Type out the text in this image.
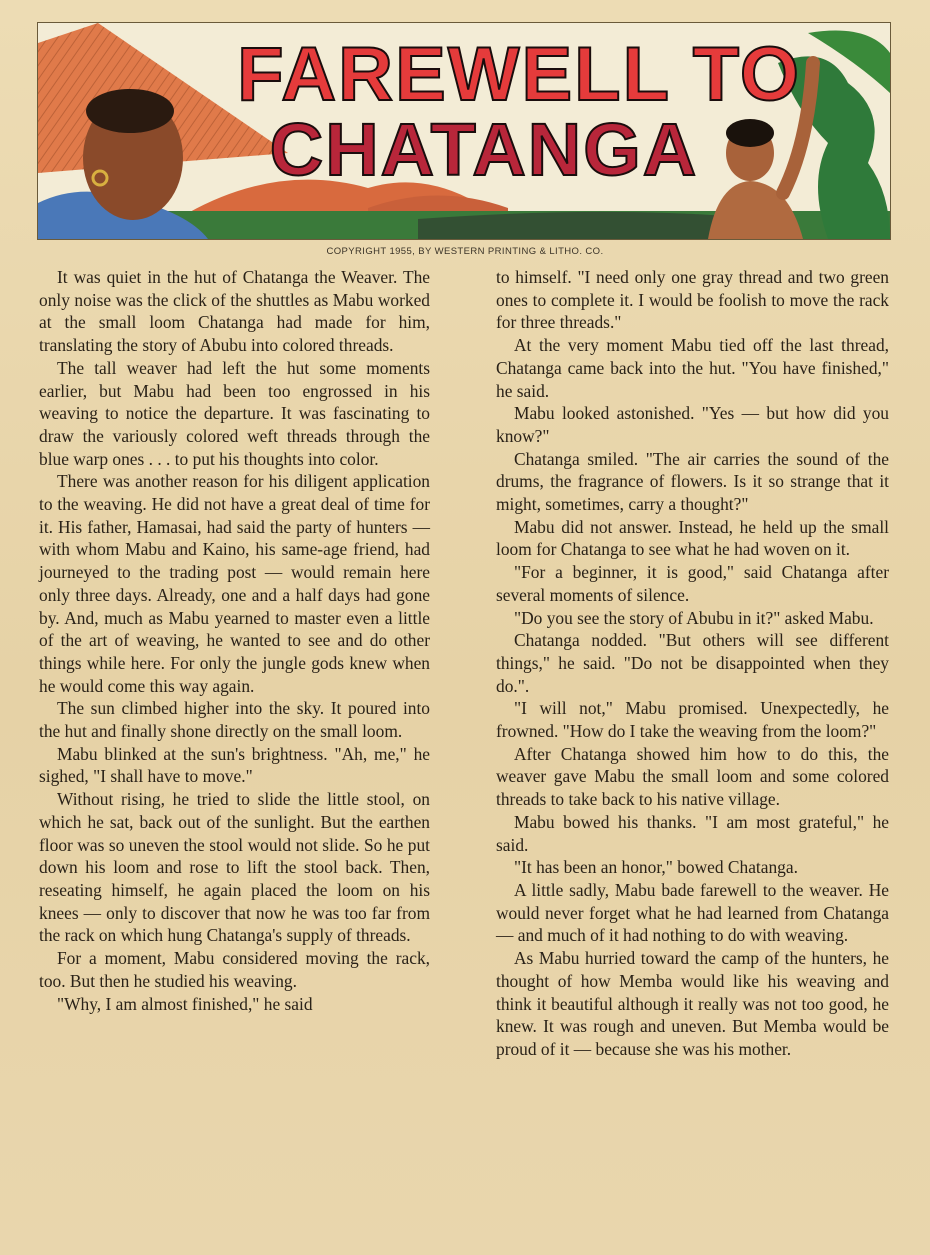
FAREWELL TO
CHATANGA
COPYRIGHT 1955, BY WESTERN PRINTING & LITHO. CO.

It was quiet in the hut of Chatanga the Weaver. The only noise was the click of the shuttles as Mabu worked at the small loom Chatanga had made for him, translating the story of Abubu into colored threads.

The tall weaver had left the hut some moments earlier, but Mabu had been too engrossed in his weaving to notice the departure. It was fascinating to draw the variously colored weft threads through the blue warp ones . . . to put his thoughts into color.

There was another reason for his diligent application to the weaving. He did not have a great deal of time for it. His father, Hamasai, had said the party of hunters — with whom Mabu and Kaino, his same-age friend, had journeyed to the trading post — would remain here only three days. Already, one and a half days had gone by. And, much as Mabu yearned to master even a little of the art of weaving, he wanted to see and do other things while here. For only the jungle gods knew when he would come this way again.

The sun climbed higher into the sky. It poured into the hut and finally shone directly on the small loom.

Mabu blinked at the sun's brightness. "Ah, me," he sighed, "I shall have to move."

Without rising, he tried to slide the little stool, on which he sat, back out of the sunlight. But the earthen floor was so uneven the stool would not slide. So he put down his loom and rose to lift the stool back. Then, reseating himself, he again placed the loom on his knees — only to discover that now he was too far from the rack on which hung Chatanga's supply of threads.

For a moment, Mabu considered moving the rack, too. But then he studied his weaving.

"Why, I am almost finished," he said

to himself. "I need only one gray thread and two green ones to complete it. I would be foolish to move the rack for three threads."

At the very moment Mabu tied off the last thread, Chatanga came back into the hut. "You have finished," he said.

Mabu looked astonished. "Yes — but how did you know?"

Chatanga smiled. "The air carries the sound of the drums, the fragrance of flowers. Is it so strange that it might, sometimes, carry a thought?"

Mabu did not answer. Instead, he held up the small loom for Chatanga to see what he had woven on it.

"For a beginner, it is good," said Chatanga after several moments of silence.

"Do you see the story of Abubu in it?" asked Mabu.

Chatanga nodded. "But others will see different things," he said. "Do not be disappointed when they do.".

"I will not," Mabu promised. Unexpectedly, he frowned. "How do I take the weaving from the loom?"

After Chatanga showed him how to do this, the weaver gave Mabu the small loom and some colored threads to take back to his native village.

Mabu bowed his thanks. "I am most grateful," he said.

"It has been an honor," bowed Chatanga.

A little sadly, Mabu bade farewell to the weaver. He would never forget what he had learned from Chatanga — and much of it had nothing to do with weaving.

As Mabu hurried toward the camp of the hunters, he thought of how Memba would like his weaving and think it beautiful although it really was not too good, he knew. It was rough and uneven. But Memba would be proud of it — because she was his mother.
